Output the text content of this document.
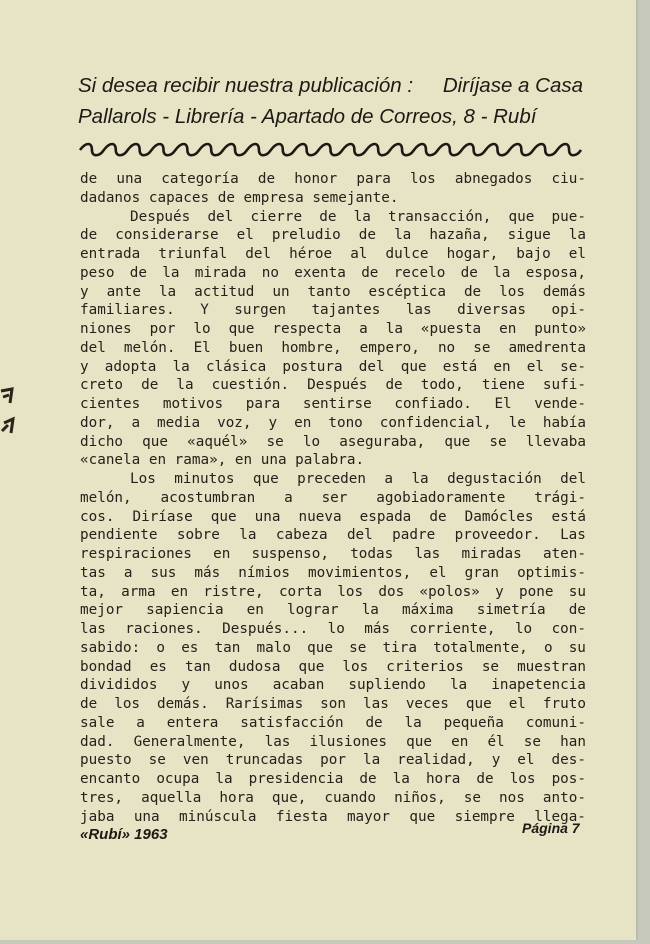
Si desea recibir nuestra publicación : Diríjase a Casa
Pallarols - Librería - Apartado de Correos, 8 - Rubí
de una categoría de honor para los abnegados ciu-
dadanos capaces de empresa semejante.
Después del cierre de la transacción, que pue-
de considerarse el preludio de la hazaña, sigue la
entrada triunfal del héroe al dulce hogar, bajo el
peso de la mirada no exenta de recelo de la esposa,
y ante la actitud un tanto escéptica de los demás
familiares. Y surgen tajantes las diversas opi-
niones por lo que respecta a la «puesta en punto»
del melón. El buen hombre, empero, no se amedrenta
y adopta la clásica postura del que está en el se-
creto de la cuestión. Después de todo, tiene sufi-
cientes motivos para sentirse confiado. El vende-
dor, a media voz, y en tono confidencial, le había
dicho que «aquél» se lo aseguraba, que se llevaba
«canela en rama», en una palabra.
Los minutos que preceden a la degustación del
melón, acostumbran a ser agobiadoramente trági-
cos. Diríase que una nueva espada de Damócles está
pendiente sobre la cabeza del padre proveedor. Las
respiraciones en suspenso, todas las miradas aten-
tas a sus más nímios movimientos, el gran optimis-
ta, arma en ristre, corta los dos «polos» y pone su
mejor sapiencia en lograr la máxima simetría de
las raciones. Después... lo más corriente, lo con-
sabido: o es tan malo que se tira totalmente, o su
bondad es tan dudosa que los criterios se muestran
divididos y unos acaban supliendo la inapetencia
de los demás. Rarísimas son las veces que el fruto
sale a entera satisfacción de la pequeña comuni-
dad. Generalmente, las ilusiones que en él se han
puesto se ven truncadas por la realidad, y el des-
encanto ocupa la presidencia de la hora de los pos-
tres, aquella hora que, cuando niños, se nos anto-
jaba una minúscula fiesta mayor que siempre llega-
«Rubí» 1963	Página 7
